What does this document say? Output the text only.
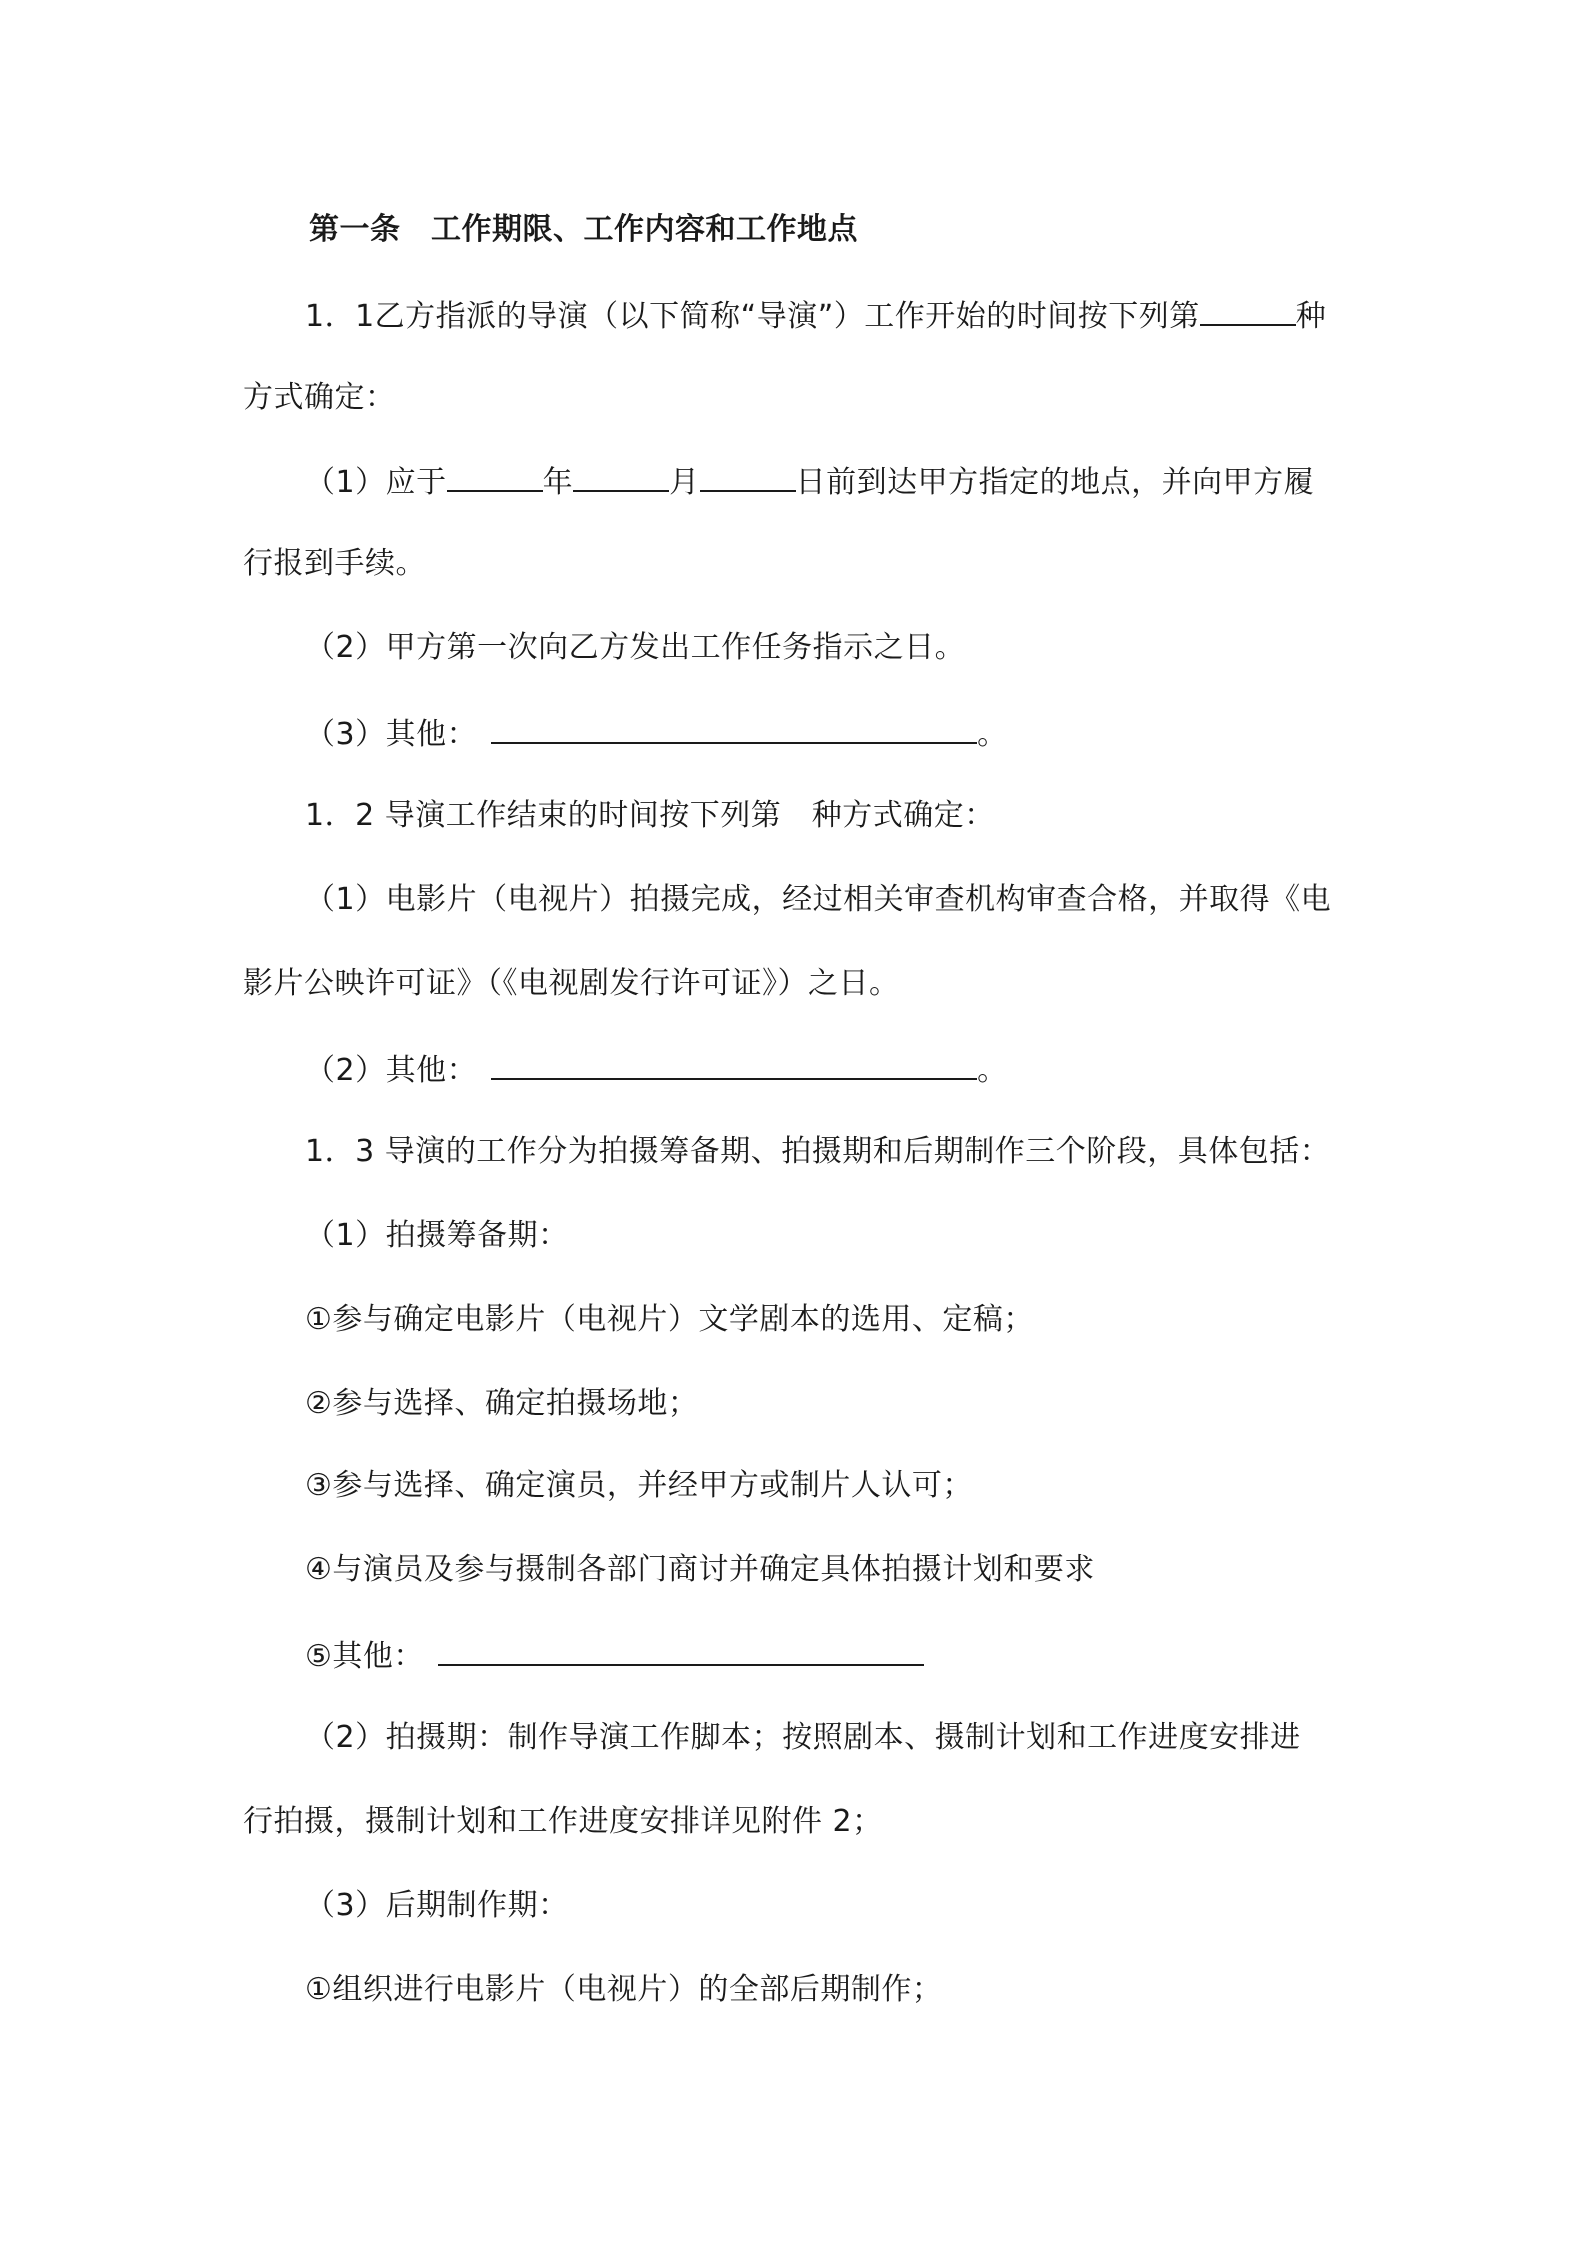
第一条　工作期限、工作内容和工作地点
1．1乙方指派的导演（以下简称“导演”）工作开始的时间按下列第	种
方式确定：
（1）应于	年	月	日前到达甲方指定的地点，并向甲方履
行报到手续。
（2）甲方第一次向乙方发出工作任务指示之日。
（3）其他：	。
1．2 导演工作结束的时间按下列第　种方式确定：
（1）电影片（电视片）拍摄完成，经过相关审查机构审查合格，并取得《电
影片公映许可证》（《电视剧发行许可证》）之日。
（2）其他：	。
1．3 导演的工作分为拍摄筹备期、拍摄期和后期制作三个阶段，具体包括：
（1）拍摄筹备期：
①参与确定电影片（电视片）文学剧本的选用、定稿；
②参与选择、确定拍摄场地；
③参与选择、确定演员，并经甲方或制片人认可；
④与演员及参与摄制各部门商讨并确定具体拍摄计划和要求
⑤其他：
（2）拍摄期：制作导演工作脚本；按照剧本、摄制计划和工作进度安排进
行拍摄，摄制计划和工作进度安排详见附件 2；
（3）后期制作期：
①组织进行电影片（电视片）的全部后期制作；
